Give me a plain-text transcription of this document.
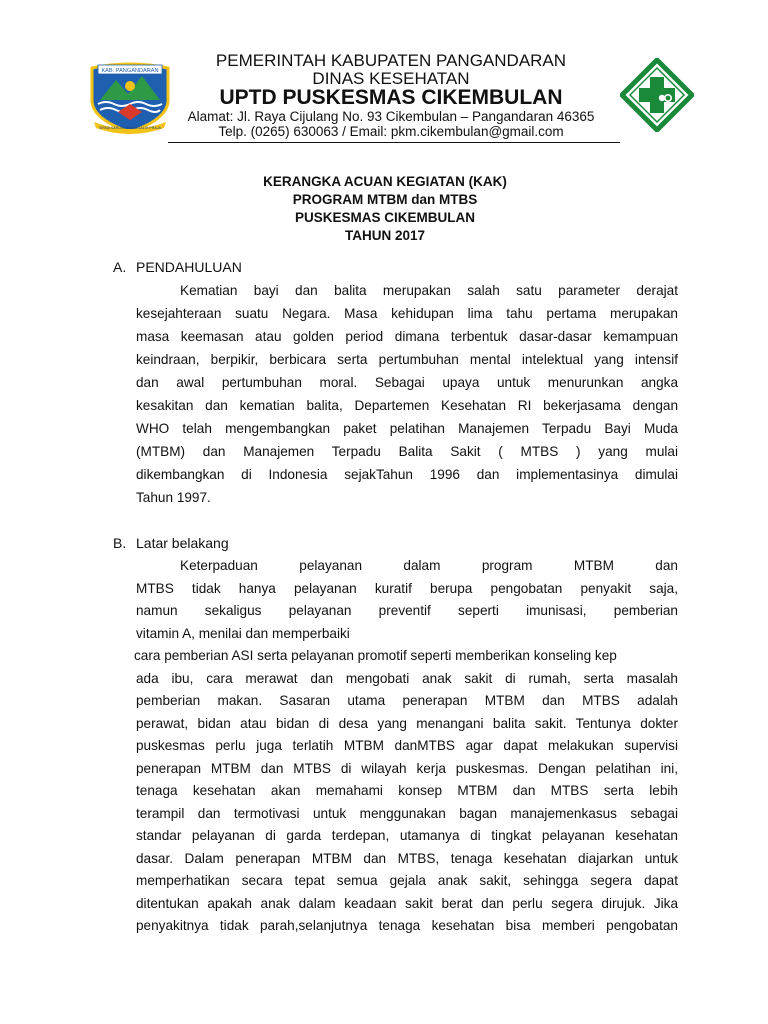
KAB. PANGANDARAN
SIRNA SARUGA MANGGALIH PRAJA
PEMERINTAH KABUPATEN PANGANDARAN
DINAS KESEHATAN
UPTD PUSKESMAS CIKEMBULAN
Alamat: Jl. Raya Cijulang No. 93 Cikembulan – Pangandaran 46365
Telp. (0265) 630063 / Email: pkm.cikembulan@gmail.com
KERANGKA ACUAN KEGIATAN (KAK)
PROGRAM MTBM dan MTBS
PUSKESMAS CIKEMBULAN
TAHUN 2017
A. PENDAHULUAN

Kematian bayi dan balita merupakan salah satu parameter derajat

kesejahteraan suatu Negara. Masa kehidupan lima tahu pertama merupakan

masa keemasan atau golden period dimana terbentuk dasar-dasar kemampuan

keindraan, berpikir, berbicara serta pertumbuhan mental intelektual yang intensif

dan awal pertumbuhan moral. Sebagai upaya untuk menurunkan angka

kesakitan dan kematian balita, Departemen Kesehatan RI bekerjasama dengan

WHO telah mengembangkan paket pelatihan Manajemen Terpadu Bayi Muda

(MTBM) dan Manajemen Terpadu Balita Sakit ( MTBS ) yang mulai

dikembangkan di Indonesia sejakTahun 1996 dan implementasinya dimulai

Tahun 1997.

B. Latar belakang

Keterpaduan pelayanan dalam program MTBM dan

MTBS tidak hanya pelayanan kuratif berupa pengobatan penyakit saja,

namun sekaligus pelayanan preventif seperti imunisasi, pemberian

vitamin A, menilai dan memperbaiki

cara pemberian ASI serta pelayanan promotif seperti memberikan konseling kep

ada ibu, cara merawat dan mengobati anak sakit di rumah, serta masalah

pemberian makan. Sasaran utama penerapan MTBM dan MTBS adalah

perawat, bidan atau bidan di desa yang menangani balita sakit. Tentunya dokter

puskesmas perlu juga terlatih MTBM danMTBS agar dapat melakukan supervisi

penerapan MTBM dan MTBS di wilayah kerja puskesmas. Dengan pelatihan ini,

tenaga kesehatan akan memahami konsep MTBM dan MTBS serta lebih

terampil dan termotivasi untuk menggunakan bagan manajemenkasus sebagai

standar pelayanan di garda terdepan, utamanya di tingkat pelayanan kesehatan

dasar. Dalam penerapan MTBM dan MTBS, tenaga kesehatan diajarkan untuk

memperhatikan secara tepat semua gejala anak sakit, sehingga segera dapat

ditentukan apakah anak dalam keadaan sakit berat dan perlu segera dirujuk. Jika

penyakitnya tidak parah,selanjutnya tenaga kesehatan bisa memberi pengobatan
